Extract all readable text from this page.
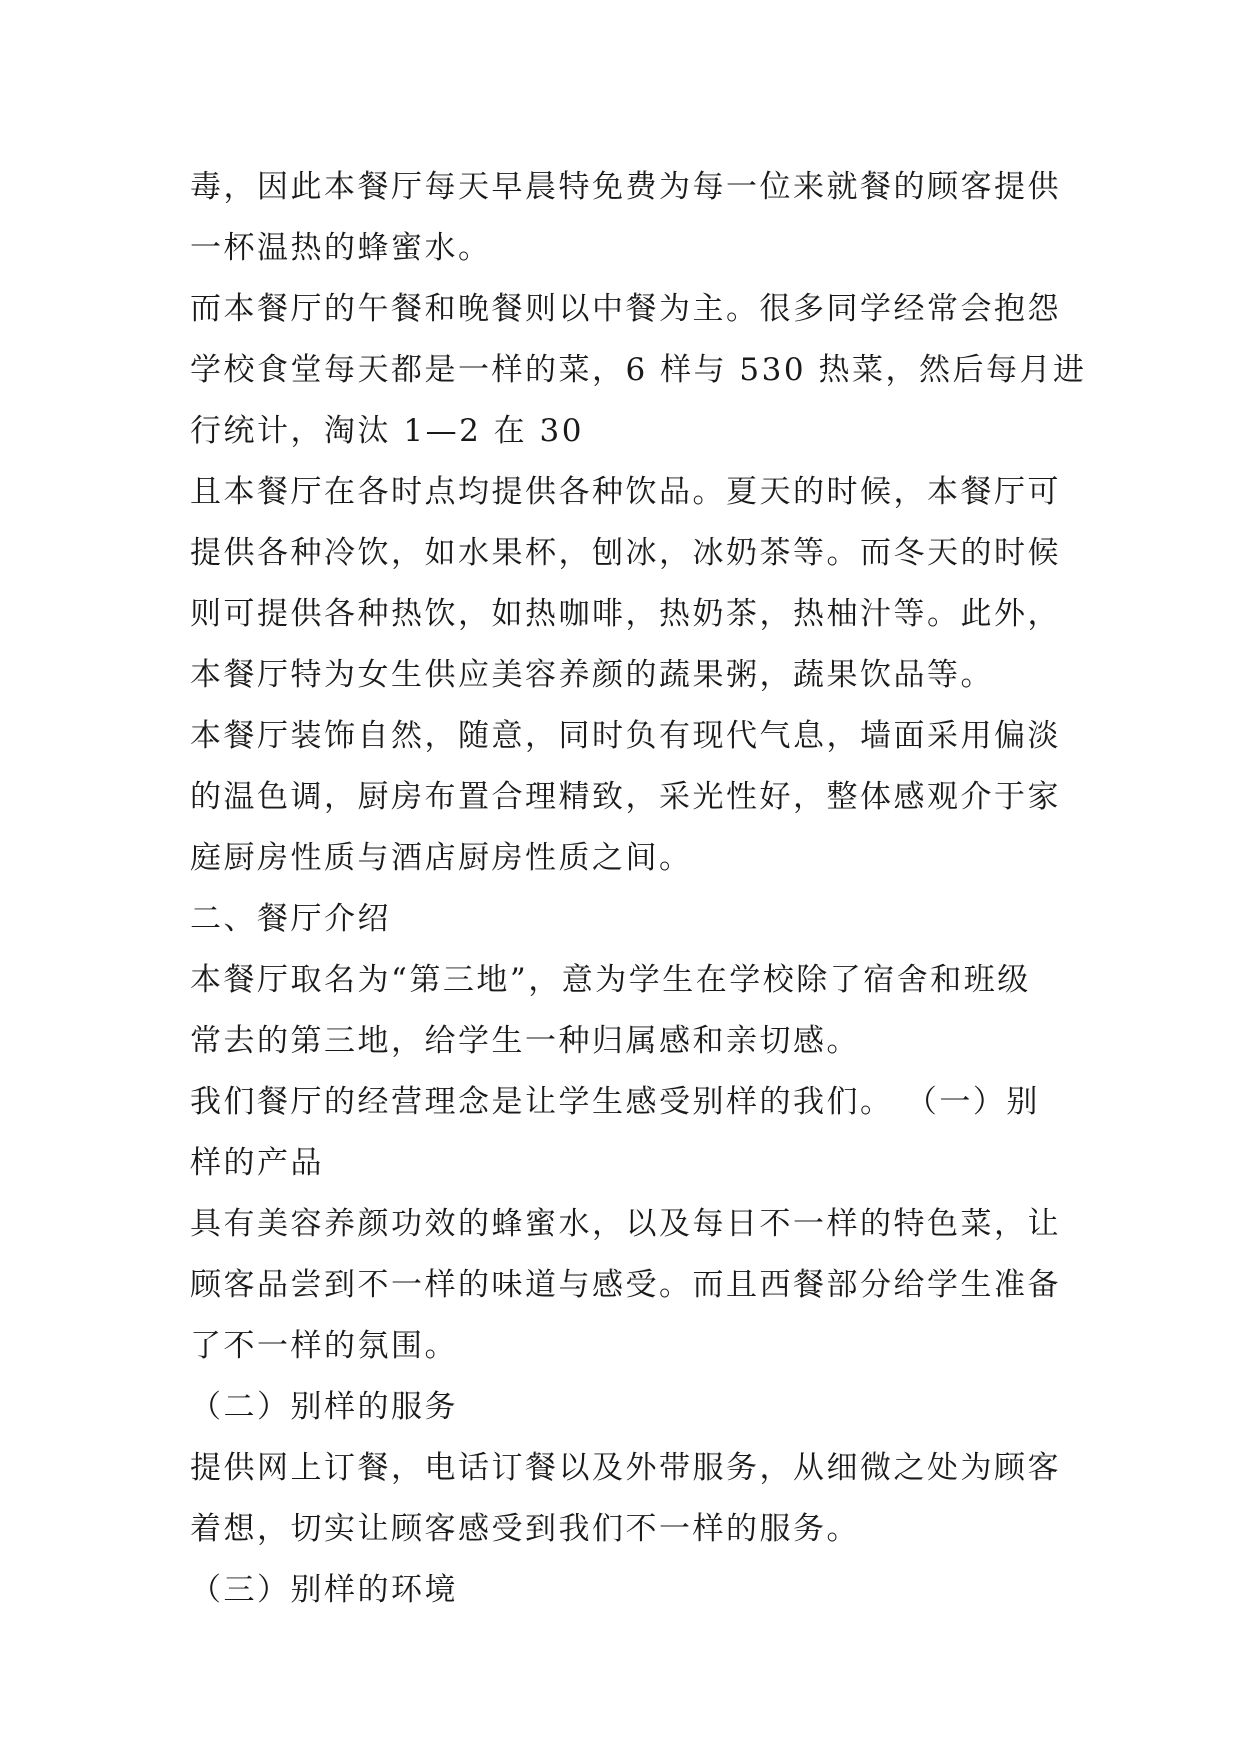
毒，因此本餐厅每天早晨特免费为每一位来就餐的顾客提供
一杯温热的蜂蜜水。
而本餐厅的午餐和晚餐则以中餐为主。很多同学经常会抱怨
学校食堂每天都是一样的菜，6 样与 530 热菜，然后每月进
行统计，淘汰 1—2 在 30
且本餐厅在各时点均提供各种饮品。夏天的时候，本餐厅可
提供各种冷饮，如水果杯，刨冰，冰奶茶等。而冬天的时候
则可提供各种热饮，如热咖啡，热奶茶，热柚汁等。此外，
本餐厅特为女生供应美容养颜的蔬果粥，蔬果饮品等。
本餐厅装饰自然，随意，同时负有现代气息，墙面采用偏淡
的温色调，厨房布置合理精致，采光性好，整体感观介于家
庭厨房性质与酒店厨房性质之间。
二、餐厅介绍
本餐厅取名为“第三地”，意为学生在学校除了宿舍和班级
常去的第三地，给学生一种归属感和亲切感。
我们餐厅的经营理念是让学生感受别样的我们。 （一）别
样的产品
具有美容养颜功效的蜂蜜水，以及每日不一样的特色菜，让
顾客品尝到不一样的味道与感受。而且西餐部分给学生准备
了不一样的氛围。
（二）别样的服务
提供网上订餐，电话订餐以及外带服务，从细微之处为顾客
着想，切实让顾客感受到我们不一样的服务。
（三）别样的环境
